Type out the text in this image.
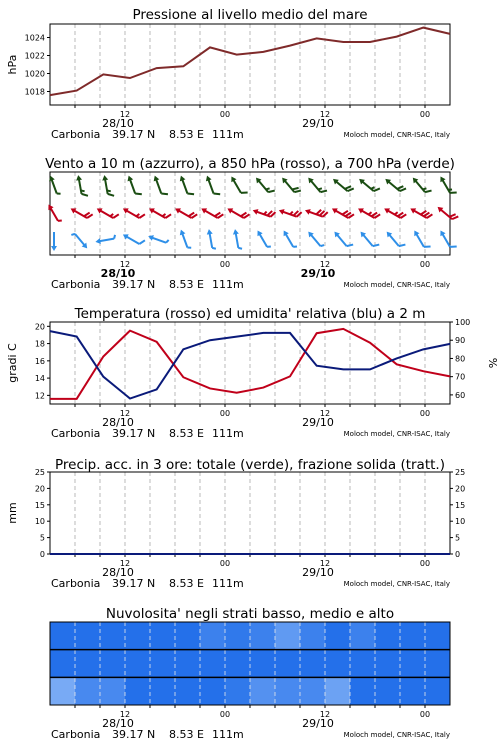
Pressione al livello medio del mare
12	00	12	00
28/10	29/10
Carbonia 39.17 N 8.53 E 111m	Moloch model, CNR-ISAC, Italy
1018
1020
1022
1024
hPa
Vento a 10 m (azzurro), a 850 hPa (rosso), a 700 hPa (verde)
12	00	12	00
28/10	29/10
Carbonia 39.17 N 8.53 E 111m	Moloch model, CNR-ISAC, Italy
Temperatura (rosso) ed umidita' relativa (blu) a 2 m
12	00	12	00
28/10	29/10
Carbonia 39.17 N 8.53 E 111m	Moloch model, CNR-ISAC, Italy
12
14
16
18
20
gradi C
60
70
80
90
100
%
Precip. acc. in 3 ore: totale (verde), frazione solida (tratt.)
12	00	12	00
28/10	29/10
Carbonia 39.17 N 8.53 E 111m	Moloch model, CNR-ISAC, Italy
0
5
10
15
20
25
mm
0
5
10
15
20
25
Nuvolosita' negli strati basso, medio e alto
12	00	12	00
28/10	29/10
Carbonia 39.17 N 8.53 E 111m	Moloch model, CNR-ISAC, Italy
